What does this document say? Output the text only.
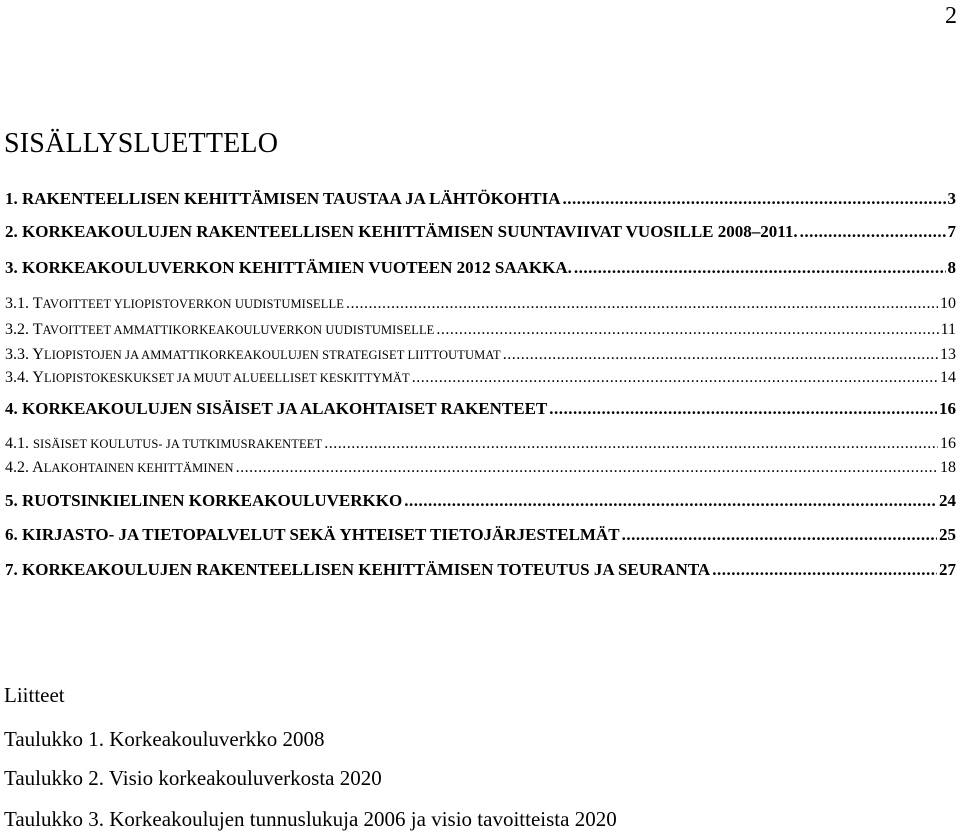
2
SISÄLLYSLUETTELO
1. RAKENTEELLISEN KEHITTÄMISEN TAUSTAA JA LÄHTÖKOHTIA .....	3
2. KORKEAKOULUJEN RAKENTEELLISEN KEHITTÄMISEN SUUNTAVIIVAT VUOSILLE 2008–2011. .....	7
3. KORKEAKOULUVERKON KEHITTÄMIEN VUOTEEN 2012 SAAKKA. .....	8
3.1. TAVOITTEET YLIOPISTOVERKON UUDISTUMISELLE .....	10
3.2. TAVOITTEET AMMATTIKORKEAKOULUVERKON UUDISTUMISELLE .....	11
3.3. YLIOPISTOJEN JA AMMATTIKORKEAKOULUJEN STRATEGISET LIITTOUTUMAT .....	13
3.4. YLIOPISTOKESKUKSET JA MUUT ALUEELLISET KESKITTYMÄT .....	14
4. KORKEAKOULUJEN SISÄISET JA ALAKOHTAISET RAKENTEET .....	16
4.1. SISÄISET KOULUTUS- JA TUTKIMUSRAKENTEET .....	16
4.2. ALAKOHTAINEN KEHITTÄMINEN .....	18
5. RUOTSINKIELINEN KORKEAKOULUVERKKO .....	24
6. KIRJASTO- JA TIETOPALVELUT SEKÄ YHTEISET TIETOJÄRJESTELMÄT .....	25
7. KORKEAKOULUJEN RAKENTEELLISEN KEHITTÄMISEN TOTEUTUS JA SEURANTA .....	27
Liitteet

Taulukko 1. Korkeakouluverkko 2008

Taulukko 2. Visio korkeakouluverkosta 2020

Taulukko 3. Korkeakoulujen tunnuslukuja 2006 ja visio tavoitteista 2020
